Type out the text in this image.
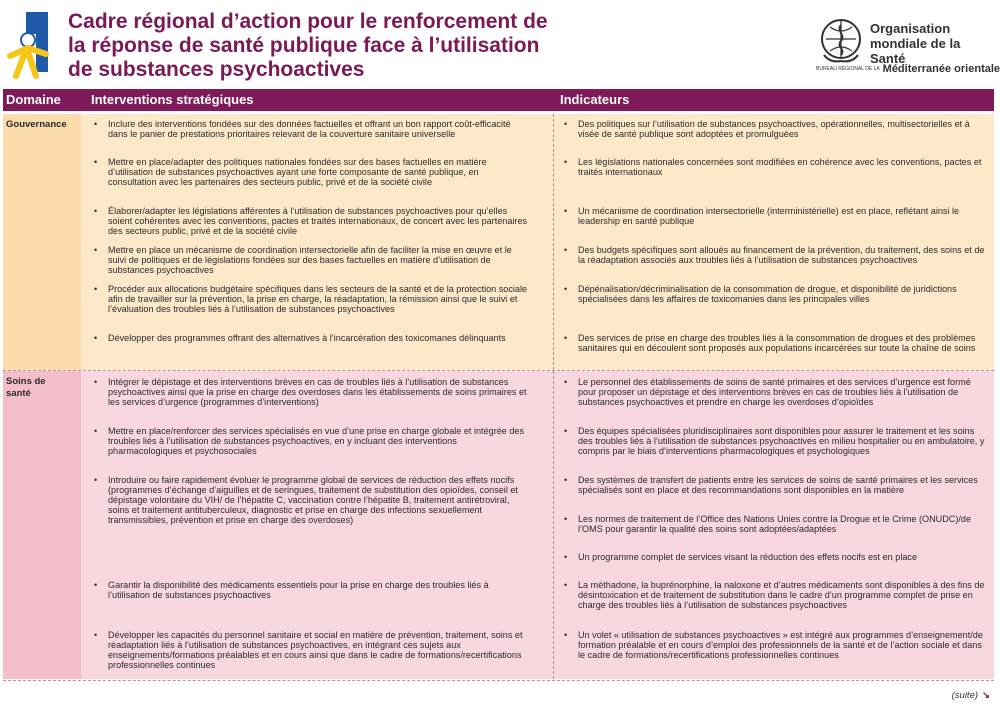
Cadre régional d’action pour le renforcement de
la réponse de santé publique face à l’utilisation
de substances psychoactives
Organisation
mondiale de la Santé
BUREAU RÉGIONAL DE LA Méditerranée orientale
Domaine Interventions stratégiques	Indicateurs
Gouvernance
Soins de
santé
• Inclure des interventions fondées sur des données factuelles et offrant un bon rapport coût-efficacité dans le panier de prestations prioritaires relevant de la couverture sanitaire universelle
• Mettre en place/adapter des politiques nationales fondées sur des bases factuelles en matière d’utilisation de substances psychoactives ayant une forte composante de santé publique, en consultation avec les partenaires des secteurs public, privé et de la société civile
• Élaborer/adapter les législations afférentes à l’utilisation de substances psychoactives pour qu’elles soient cohérentes avec les conventions, pactes et traités internationaux, de concert avec les partenaires des secteurs public, privé et de la société civile
• Mettre en place un mécanisme de coordination intersectorielle afin de faciliter la mise en œuvre et le suivi de politiques et de législations fondées sur des bases factuelles en matière d’utilisation de substances psychoactives
• Procéder aux allocations budgétaire spécifiques dans les secteurs de la santé et de la protection sociale afin de travailler sur la prévention, la prise en charge, la réadaptation, la rémission ainsi que le suivi et l’évaluation des troubles liés à l’utilisation de substances psychoactives
• Développer des programmes offrant des alternatives à l’incarcération des toxicomanes délinquants
• Des politiques sur l’utilisation de substances psychoactives, opérationnelles, multisectorielles et à visée de santé publique sont adoptées et promulguées
• Les législations nationales concernées sont modifiées en cohérence avec les conventions, pactes et traités internationaux
• Un mécanisme de coordination intersectorielle (interministérielle) est en place, reflétant ainsi le leadership en santé publique
• Des budgets spécifiques sont alloués au financement de la prévention, du traitement, des soins et de la réadaptation associés aux troubles liés à l’utilisation de substances psychoactives
• Dépénalisation/décriminalisation de la consommation de drogue, et disponibilité de juridictions spécialisées dans les affaires de toxicomanies dans les principales villes
• Des services de prise en charge des troubles liés à la consommation de drogues et des problèmes sanitaires qui en découlent sont proposés aux populations incarcérées sur toute la chaîne de soins
• Intégrer le dépistage et des interventions brèves en cas de troubles liés à l’utilisation de substances psychoactives ainsi que la prise en charge des overdoses dans les établissements de soins primaires et les services d’urgence (programmes d’interventions)
• Mettre en place/renforcer des services spécialisés en vue d’une prise en charge globale et intégrée des troubles liés à l’utilisation de substances psychoactives, en y incluant des interventions pharmacologiques et psychosociales
• Introduire ou faire rapidement évoluer le programme global de services de réduction des effets nocifs (programmes d’échange d’aiguilles et de seringues, traitement de substitution des opioïdes, conseil et dépistage volontaire du VIH/ de l’hépatite C, vaccination contre l’hépatite B, traitement antirétroviral, soins et traitement antituberculeux, diagnostic et prise en charge des infections sexuellement transmissibles, prévention et prise en charge des overdoses)
• Garantir la disponibilité des médicaments essentiels pour la prise en charge des troubles liés à l’utilisation de substances psychoactives
• Développer les capacités du personnel sanitaire et social en matière de prévention, traitement, soins et réadaptation liés à l’utilisation de substances psychoactives, en intégrant ces sujets aux enseignements/formations préalables et en cours ainsi que dans le cadre de formations/recertifications professionnelles continues
• Le personnel des établissements de soins de santé primaires et des services d’urgence est formé pour proposer un dépistage et des interventions brèves en cas de troubles liés à l’utilisation de substances psychoactives et prendre en charge les overdoses d’opioïdes
• Des équipes spécialisées pluridisciplinaires sont disponibles pour assurer le traitement et les soins des troubles liés à l’utilisation de substances psychoactives en milieu hospitalier ou en ambulatoire, y compris par le biais d’interventions pharmacologiques et psychologiques
• Des systèmes de transfert de patients entre les services de soins de santé primaires et les services spécialisés sont en place et des recommandations sont disponibles en la matière
• Les normes de traitement de l’Office des Nations Unies contre la Drogue et le Crime (ONUDC)/de l’OMS pour garantir la qualité des soins sont adoptées/adaptées
• Un programme complet de services visant la réduction des effets nocifs est en place
• La méthadone, la buprénorphine, la naloxone et d’autres médicaments sont disponibles à des fins de désintoxication et de traitement de substitution dans le cadre d’un programme complet de prise en charge des troubles liés à l’utilisation de substances psychoactives
• Un volet « utilisation de substances psychoactives » est intégré aux programmes d’enseignement/de formation préalable et en cours d’emploi des professionnels de la santé et de l’action sociale et dans le cadre de formations/recertifications professionnelles continues
(suite) ↘
